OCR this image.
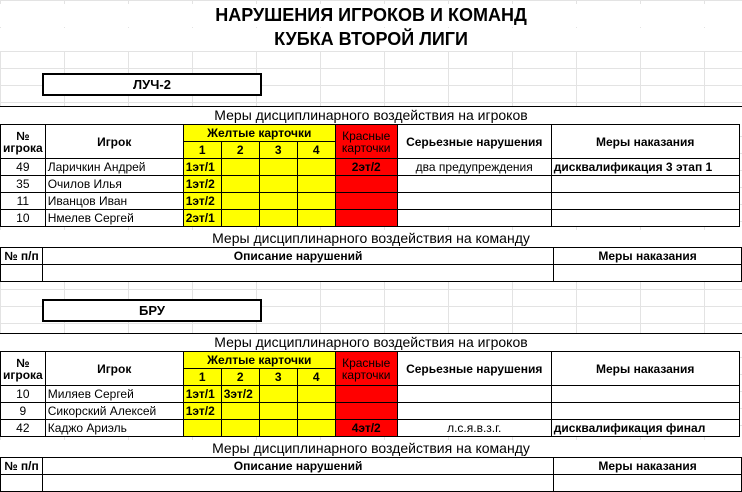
НАРУШЕНИЯ ИГРОКОВ И КОМАНД
КУБКА ВТОРОЙ ЛИГИ
ЛУЧ-2
Меры дисциплинарного воздействия на игроков
№
игрока	Игрок	Желтые карточки				Красные
карточки	Серьезные нарушения	Меры наказания
		1	2	3	4			
49	Ларичкин Андрей	1эт/1				2эт/2	два предупреждения	дисквалификация 3 этап 1
35	Очилов Илья	1эт/2						
11	Иванцов Иван	1эт/2						
10	Нмелев Сергей	2эт/1						
Меры дисциплинарного воздействия на команду
№ п/п	Описание нарушений	Меры наказания

БРУ
Меры дисциплинарного воздействия на игроков
№
игрока	Игрок	Желтые карточки				Красные
карточки	Серьезные нарушения	Меры наказания
		1	2	3	4			
10	Миляев Сергей	1эт/1	3эт/2					
9	Сикорский Алексей	1эт/2						
42	Каджо Ариэль					4эт/2	л.с.я.в.з.г.	дисквалификация финал
Меры дисциплинарного воздействия на команду
№ п/п	Описание нарушений	Меры наказания
